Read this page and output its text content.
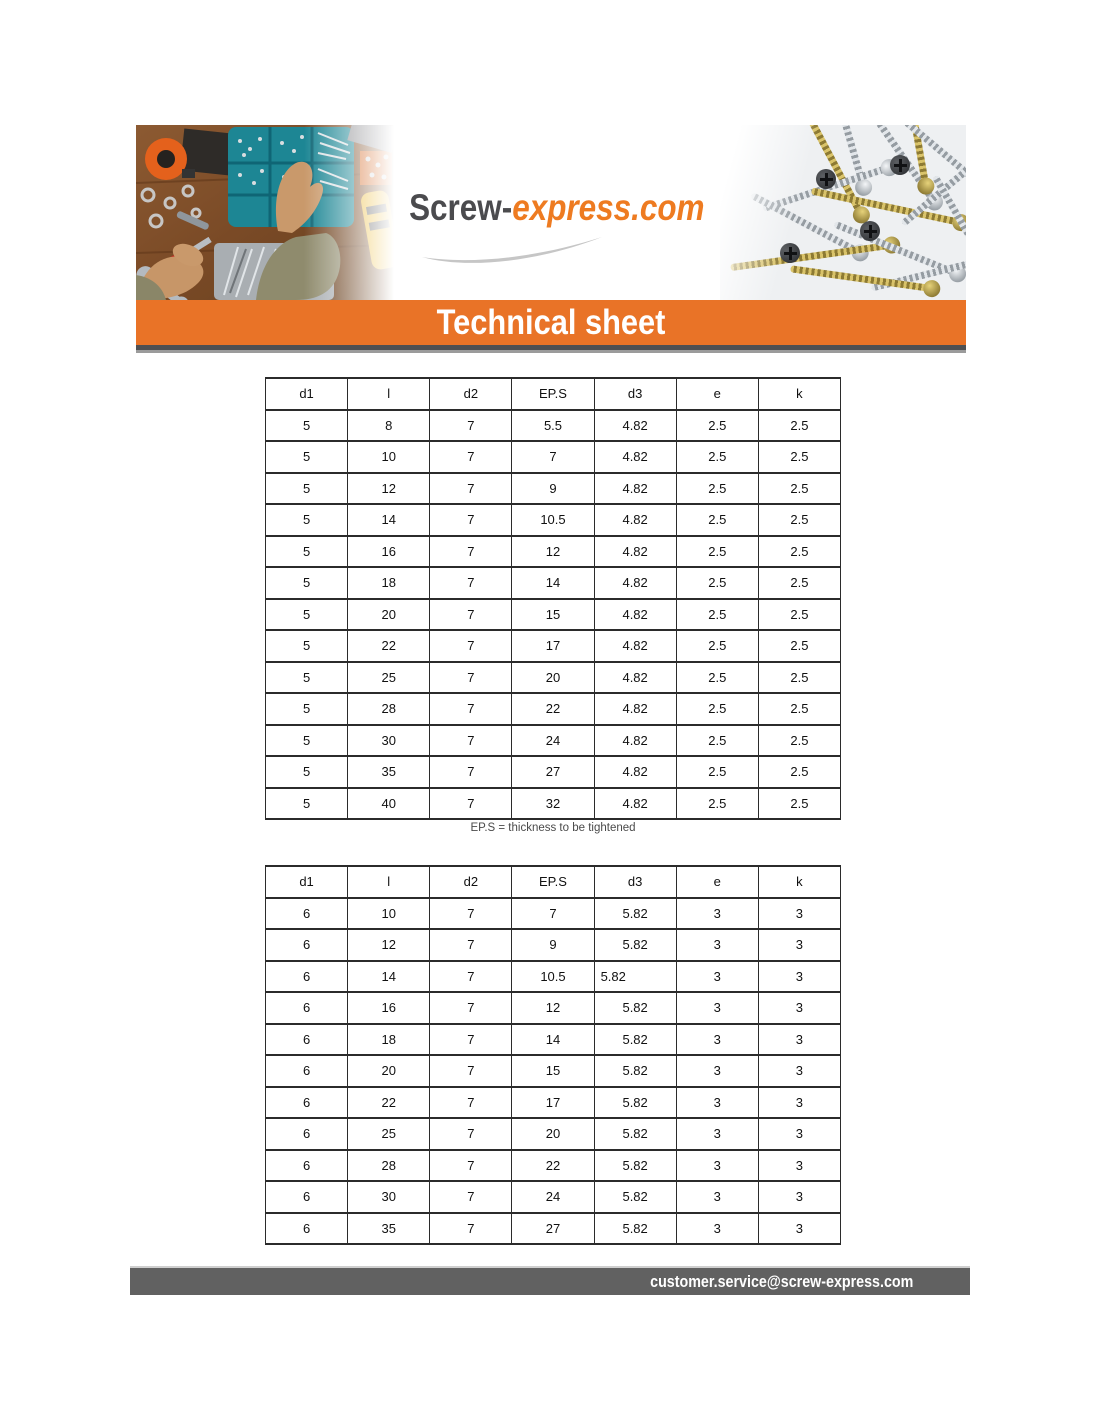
Screw-express.com
Technical sheet
d1	l	d2	EP.S	d3	e	k
5	8	7	5.5	4.82	2.5	2.5
5	10	7	7	4.82	2.5	2.5
5	12	7	9	4.82	2.5	2.5
5	14	7	10.5	4.82	2.5	2.5
5	16	7	12	4.82	2.5	2.5
5	18	7	14	4.82	2.5	2.5
5	20	7	15	4.82	2.5	2.5
5	22	7	17	4.82	2.5	2.5
5	25	7	20	4.82	2.5	2.5
5	28	7	22	4.82	2.5	2.5
5	30	7	24	4.82	2.5	2.5
5	35	7	27	4.82	2.5	2.5
5	40	7	32	4.82	2.5	2.5
EP.S = thickness to be tightened
d1	l	d2	EP.S	d3	e	k
6	10	7	7	5.82	3	3
6	12	7	9	5.82	3	3
6	14	7	10.5	5.82	3	3
6	16	7	12	5.82	3	3
6	18	7	14	5.82	3	3
6	20	7	15	5.82	3	3
6	22	7	17	5.82	3	3
6	25	7	20	5.82	3	3
6	28	7	22	5.82	3	3
6	30	7	24	5.82	3	3
6	35	7	27	5.82	3	3
customer.service@screw-express.com
